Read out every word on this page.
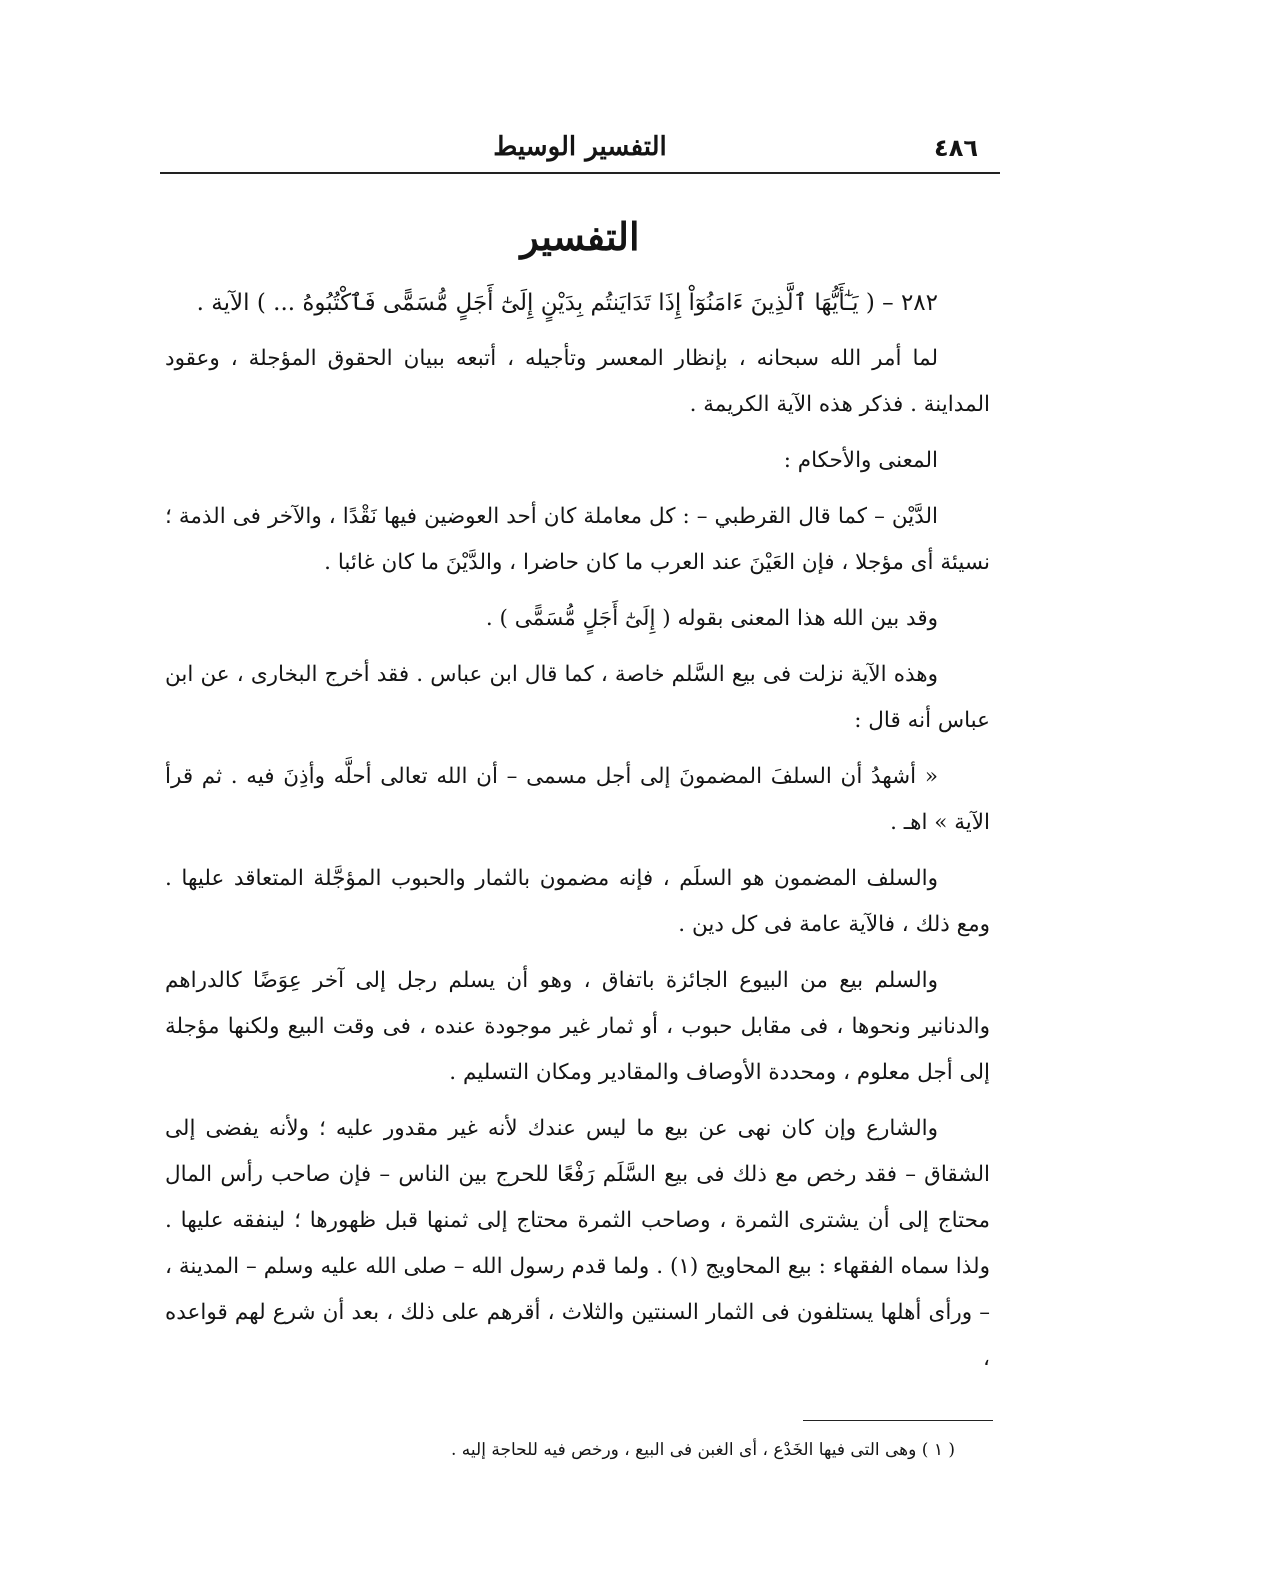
٤٨٦
التفسير الوسيط
التفسير

٢٨٢ – ( يَـٰٓأَيُّهَا ٱلَّذِينَ ءَامَنُوٓاْ إِذَا تَدَايَنتُم بِدَيْنٍ إِلَىٰٓ أَجَلٍ مُّسَمًّى فَٱكْتُبُوهُ ... ) الآية .

لما أمر الله سبحانه ، بإنظار المعسر وتأجيله ، أتبعه ببيان الحقوق المؤجلة ، وعقود المداينة . فذكر هذه الآية الكريمة .

المعنى والأحكام :

الدَّيْن – كما قال القرطبي – : كل معاملة كان أحد العوضين فيها نَقْدًا ، والآخر فى الذمة ؛ نسيئة أى مؤجلا ، فإن العَيْنَ عند العرب ما كان حاضرا ، والدَّيْنَ ما كان غائبا .

وقد بين الله هذا المعنى بقوله ( إِلَىٰٓ أَجَلٍ مُّسَمًّى ) .

وهذه الآية نزلت فى بيع السَّلم خاصة ، كما قال ابن عباس . فقد أخرج البخارى ، عن ابن عباس أنه قال :

« أشهدُ أن السلفَ المضمونَ إلى أجل مسمى – أن الله تعالى أحلَّه وأذِنَ فيه . ثم قرأ الآية » اهـ .

والسلف المضمون هو السلَم ، فإنه مضمون بالثمار والحبوب المؤجَّلة المتعاقد عليها . ومع ذلك ، فالآية عامة فى كل دين .

والسلم بيع من البيوع الجائزة باتفاق ، وهو أن يسلم رجل إلى آخر عِوَضًا كالدراهم والدنانير ونحوها ، فى مقابل حبوب ، أو ثمار غير موجودة عنده ، فى وقت البيع ولكنها مؤجلة إلى أجل معلوم ، ومحددة الأوصاف والمقادير ومكان التسليم .

والشارع وإن كان نهى عن بيع ما ليس عندك لأنه غير مقدور عليه ؛ ولأنه يفضى إلى الشقاق – فقد رخص مع ذلك فى بيع السَّلَم رَفْعًا للحرج بين الناس – فإن صاحب رأس المال محتاج إلى أن يشترى الثمرة ، وصاحب الثمرة محتاج إلى ثمنها قبل ظهورها ؛ لينفقه عليها . ولذا سماه الفقهاء : بيع المحاويج (١) . ولما قدم رسول الله – صلى الله عليه وسلم – المدينة ، – ورأى أهلها يستلفون فى الثمار السنتين والثلاث ، أقرهم على ذلك ، بعد أن شرع لهم قواعده ،

( ١ ) وهى التى فيها الخَدْع ، أى الغبن فى البيع ، ورخص فيه للحاجة إليه .
